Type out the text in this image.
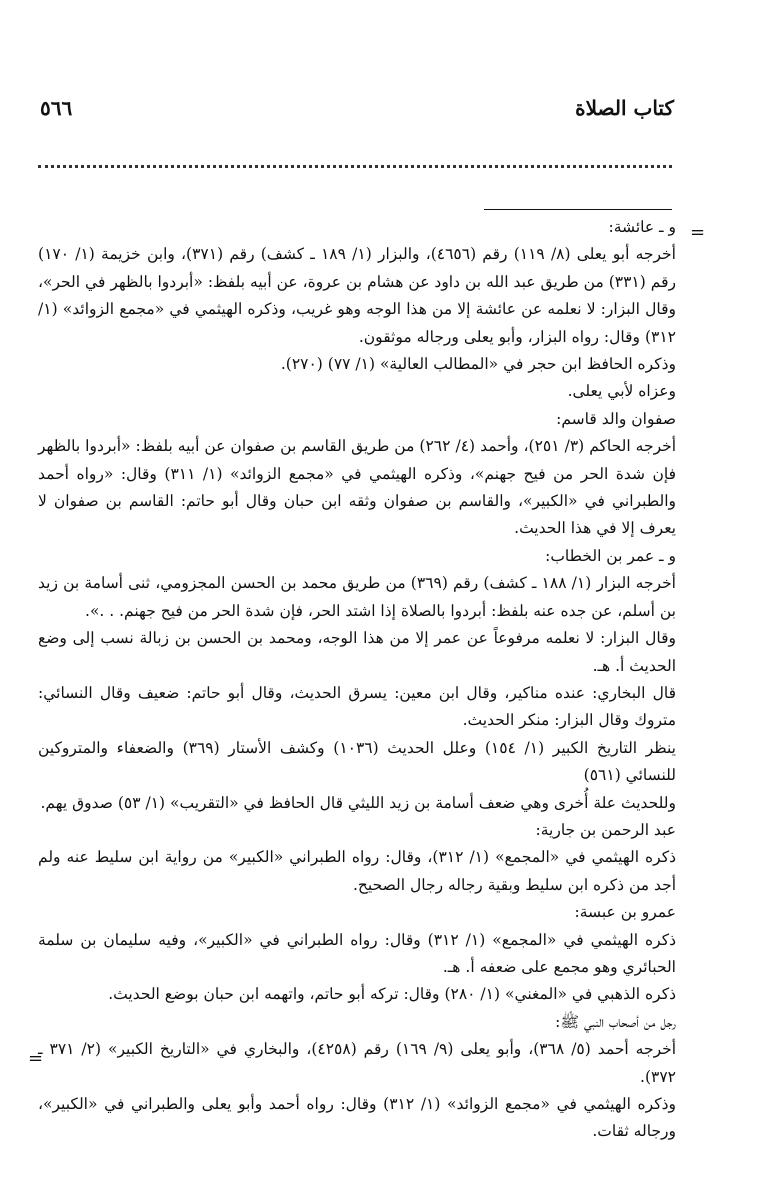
كتاب الصلاة
٥٦٦
=
=

و ـ عائشة:

أخرجه أبو يعلى (٨/ ١١٩) رقم (٤٦٥٦)، والبزار (١/ ١٨٩ ـ كشف) رقم (٣٧١)، وابن خزيمة (١/ ١٧٠) رقم (٣٣١) من طريق عبد الله بن داود عن هشام بن عروة، عن أبيه بلفظ: «أبردوا بالظهر في الحر»، وقال البزار: لا نعلمه عن عائشة إلا من هذا الوجه وهو غريب، وذكره الهيثمي في «مجمع الزوائد» (١/ ٣١٢) وقال: رواه البزار، وأبو يعلى ورجاله موثقون.

وذكره الحافظ ابن حجر في «المطالب العالية» (١/ ٧٧) (٢٧٠).

وعزاه لأبي يعلى.

صفوان والد قاسم:

أخرجه الحاكم (٣/ ٢٥١)، وأحمد (٤/ ٢٦٢) من طريق القاسم بن صفوان عن أبيه بلفظ: «أبردوا بالظهر فإن شدة الحر من فيح جهنم»، وذكره الهيثمي في «مجمع الزوائد» (١/ ٣١١) وقال: «رواه أحمد والطبراني في «الكبير»، والقاسم بن صفوان وثقه ابن حبان وقال أبو حاتم: القاسم بن صفوان لا يعرف إلا في هذا الحديث.

و ـ عمر بن الخطاب:

أخرجه البزار (١/ ١٨٨ ـ كشف) رقم (٣٦٩) من طريق محمد بن الحسن المجزومي، ثنى أسامة بن زيد بن أسلم، عن جده عنه بلفظ: أبردوا بالصلاة إذا اشتد الحر، فإن شدة الحر من فيح جهنم. . .».

وقال البزار: لا نعلمه مرفوعاً عن عمر إلا من هذا الوجه، ومحمد بن الحسن بن زبالة نسب إلى وضع الحديث أ. هـ.

قال البخاري: عنده مناكير، وقال ابن معين: يسرق الحديث، وقال أبو حاتم: ضعيف وقال النسائي: متروك وقال البزار: منكر الحديث.

ينظر التاريخ الكبير (١/ ١٥٤) وعلل الحديث (١٠٣٦) وكشف الأستار (٣٦٩) والضعفاء والمتروكين للنسائي (٥٦١)

وللحديث علة أُخرى وهي ضعف أسامة بن زيد الليثي قال الحافظ في «التقريب» (١/ ٥٣) صدوق يهم.

عبد الرحمن بن جارية:

ذكره الهيثمي في «المجمع» (١/ ٣١٢)، وقال: رواه الطبراني «الكبير» من رواية ابن سليط عنه ولم أجد من ذكره ابن سليط وبقية رجاله رجال الصحيح.

عمرو بن عبسة:

ذكره الهيثمي في «المجمع» (١/ ٣١٢) وقال: رواه الطبراني في «الكبير»، وفيه سليمان بن سلمة الحبائري وهو مجمع على ضعفه أ. هـ.

ذكره الذهبي في «المغني» (١/ ٢٨٠) وقال: تركه أبو حاتم، واتهمه ابن حبان بوضع الحديث.

رجل من أصحاب النبي ﷺ:

أخرجه أحمد (٥/ ٣٦٨)، وأبو يعلى (٩/ ١٦٩) رقم (٤٢٥٨)، والبخاري في «التاريخ الكبير» (٢/ ٣٧١ ـ ٣٧٢).

وذكره الهيثمي في «مجمع الزوائد» (١/ ٣١٢) وقال: رواه أحمد وأبو يعلى والطبراني في «الكبير»، ورجاله ثقات.
